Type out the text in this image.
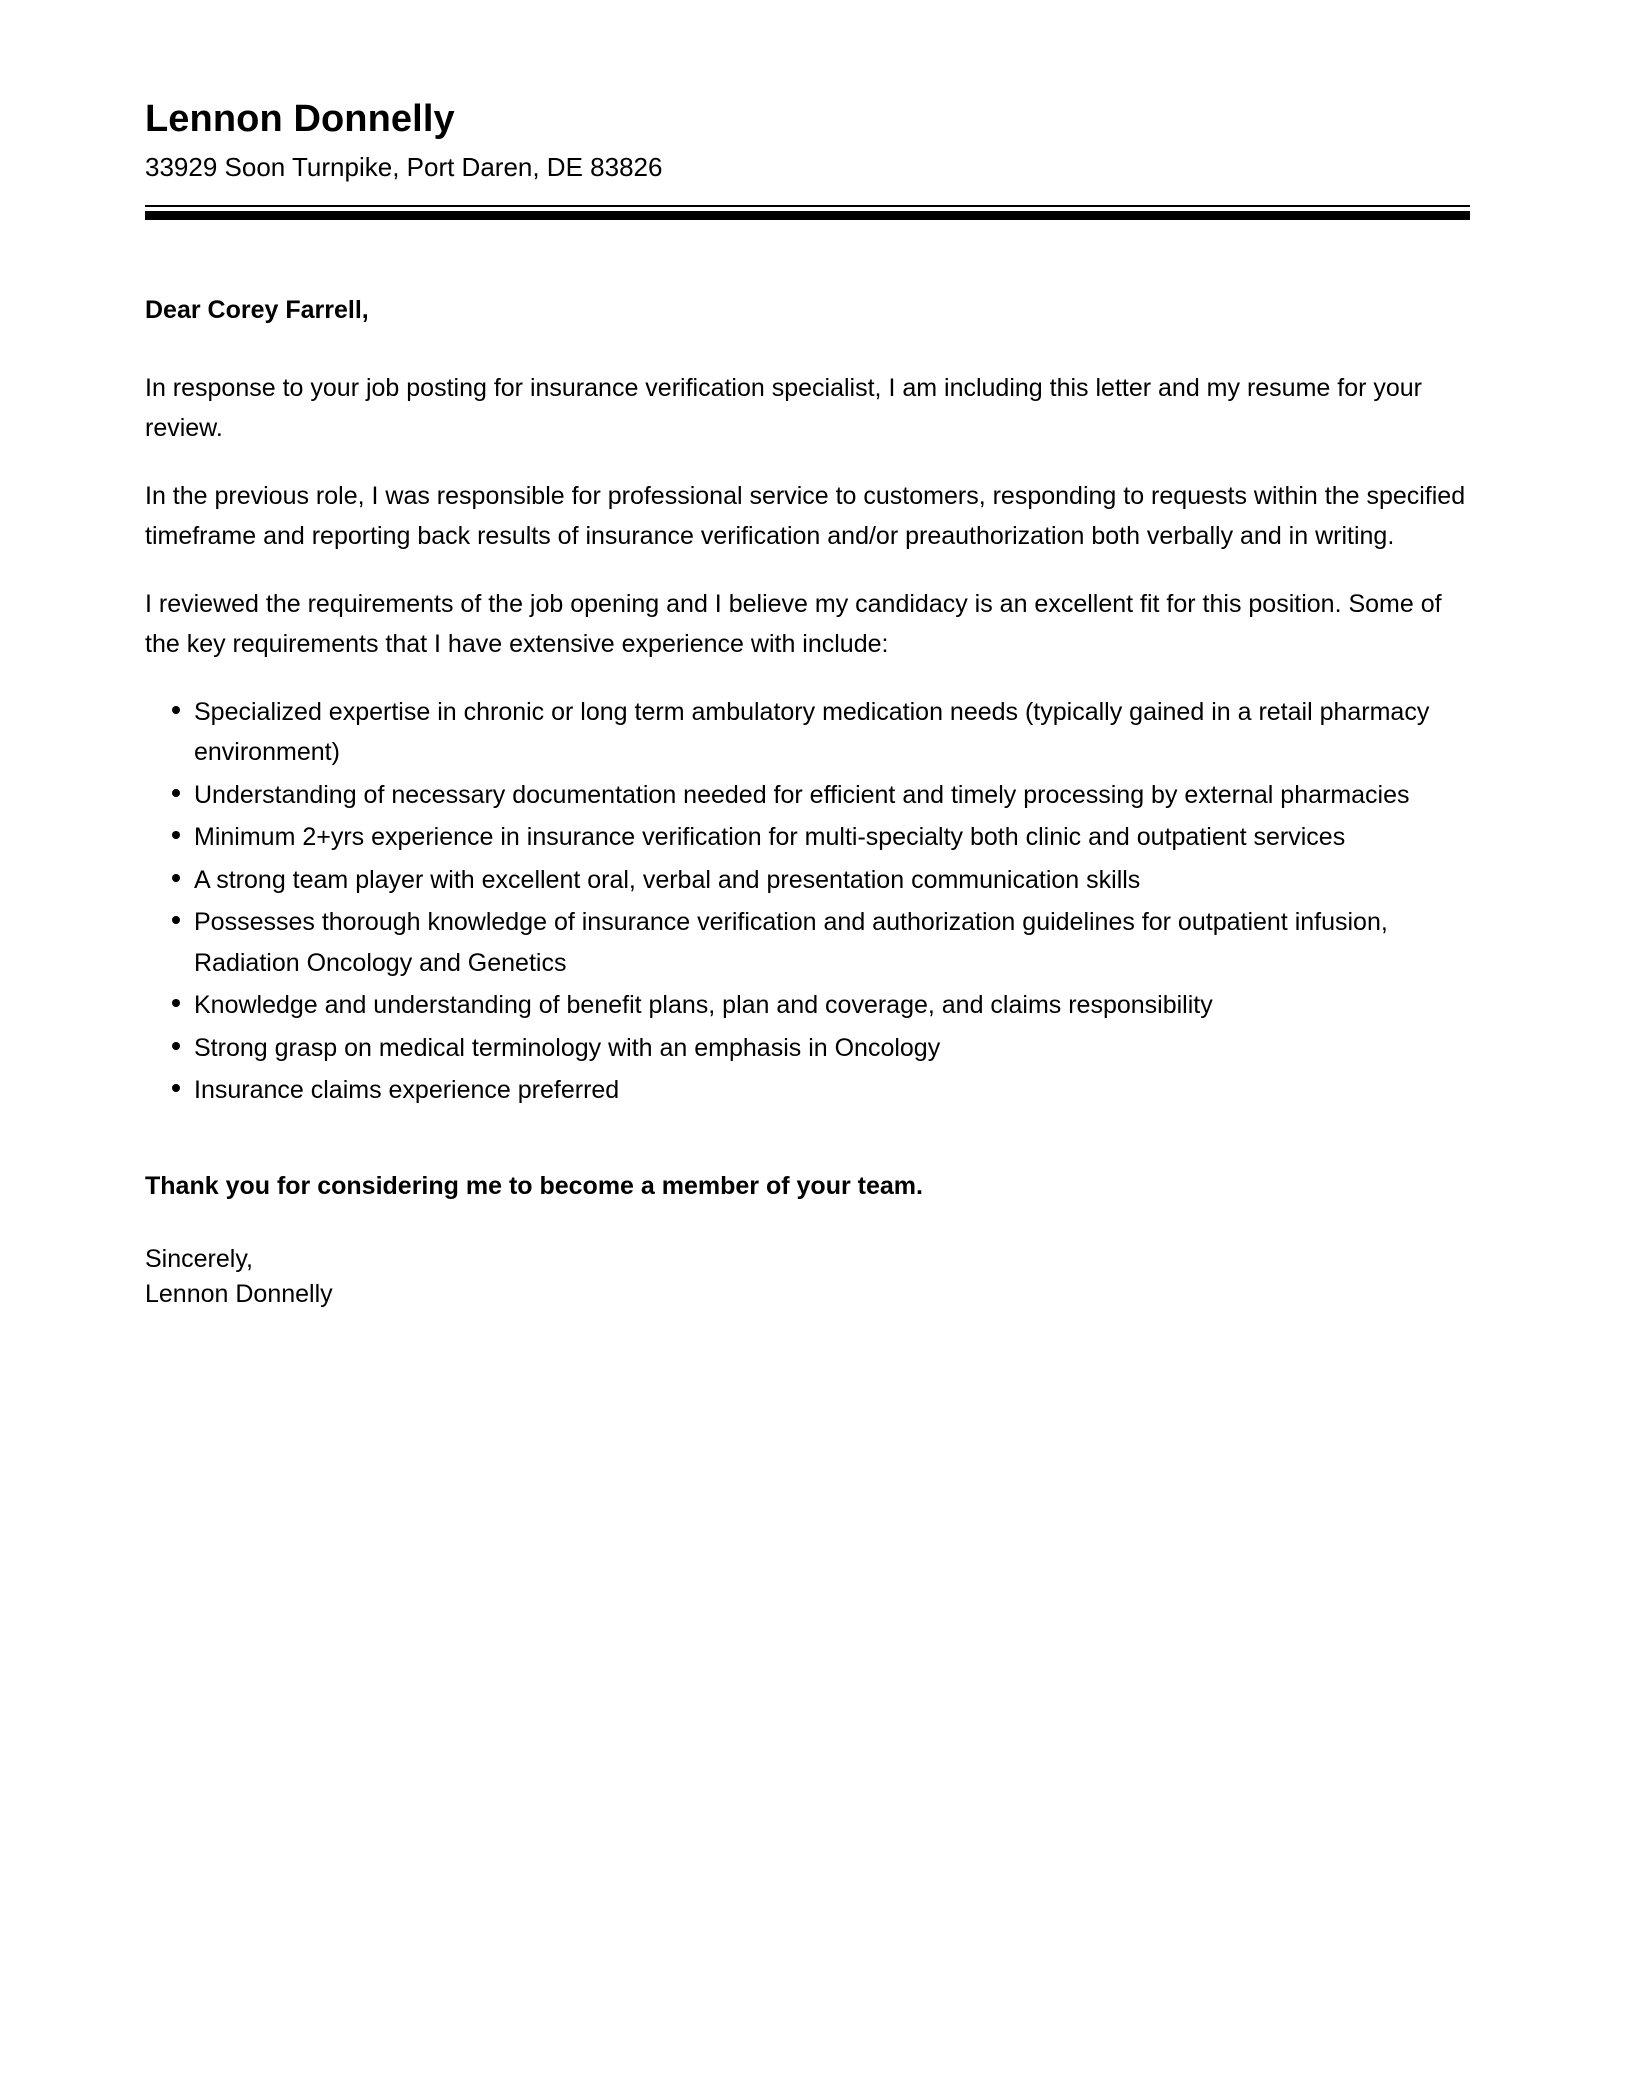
Lennon Donnelly
33929 Soon Turnpike, Port Daren, DE 83826
Dear Corey Farrell,

In response to your job posting for insurance verification specialist, I am including this letter and my resume for your review.

In the previous role, I was responsible for professional service to customers, responding to requests within the specified timeframe and reporting back results of insurance verification and/or preauthorization both verbally and in writing.

I reviewed the requirements of the job opening and I believe my candidacy is an excellent fit for this position. Some of the key requirements that I have extensive experience with include:

Specialized expertise in chronic or long term ambulatory medication needs (typically gained in a retail pharmacy environment)
Understanding of necessary documentation needed for efficient and timely processing by external pharmacies
Minimum 2+yrs experience in insurance verification for multi-specialty both clinic and outpatient services
A strong team player with excellent oral, verbal and presentation communication skills
Possesses thorough knowledge of insurance verification and authorization guidelines for outpatient infusion, Radiation Oncology and Genetics
Knowledge and understanding of benefit plans, plan and coverage, and claims responsibility
Strong grasp on medical terminology with an emphasis in Oncology
Insurance claims experience preferred
Thank you for considering me to become a member of your team.
Sincerely,
Lennon Donnelly
